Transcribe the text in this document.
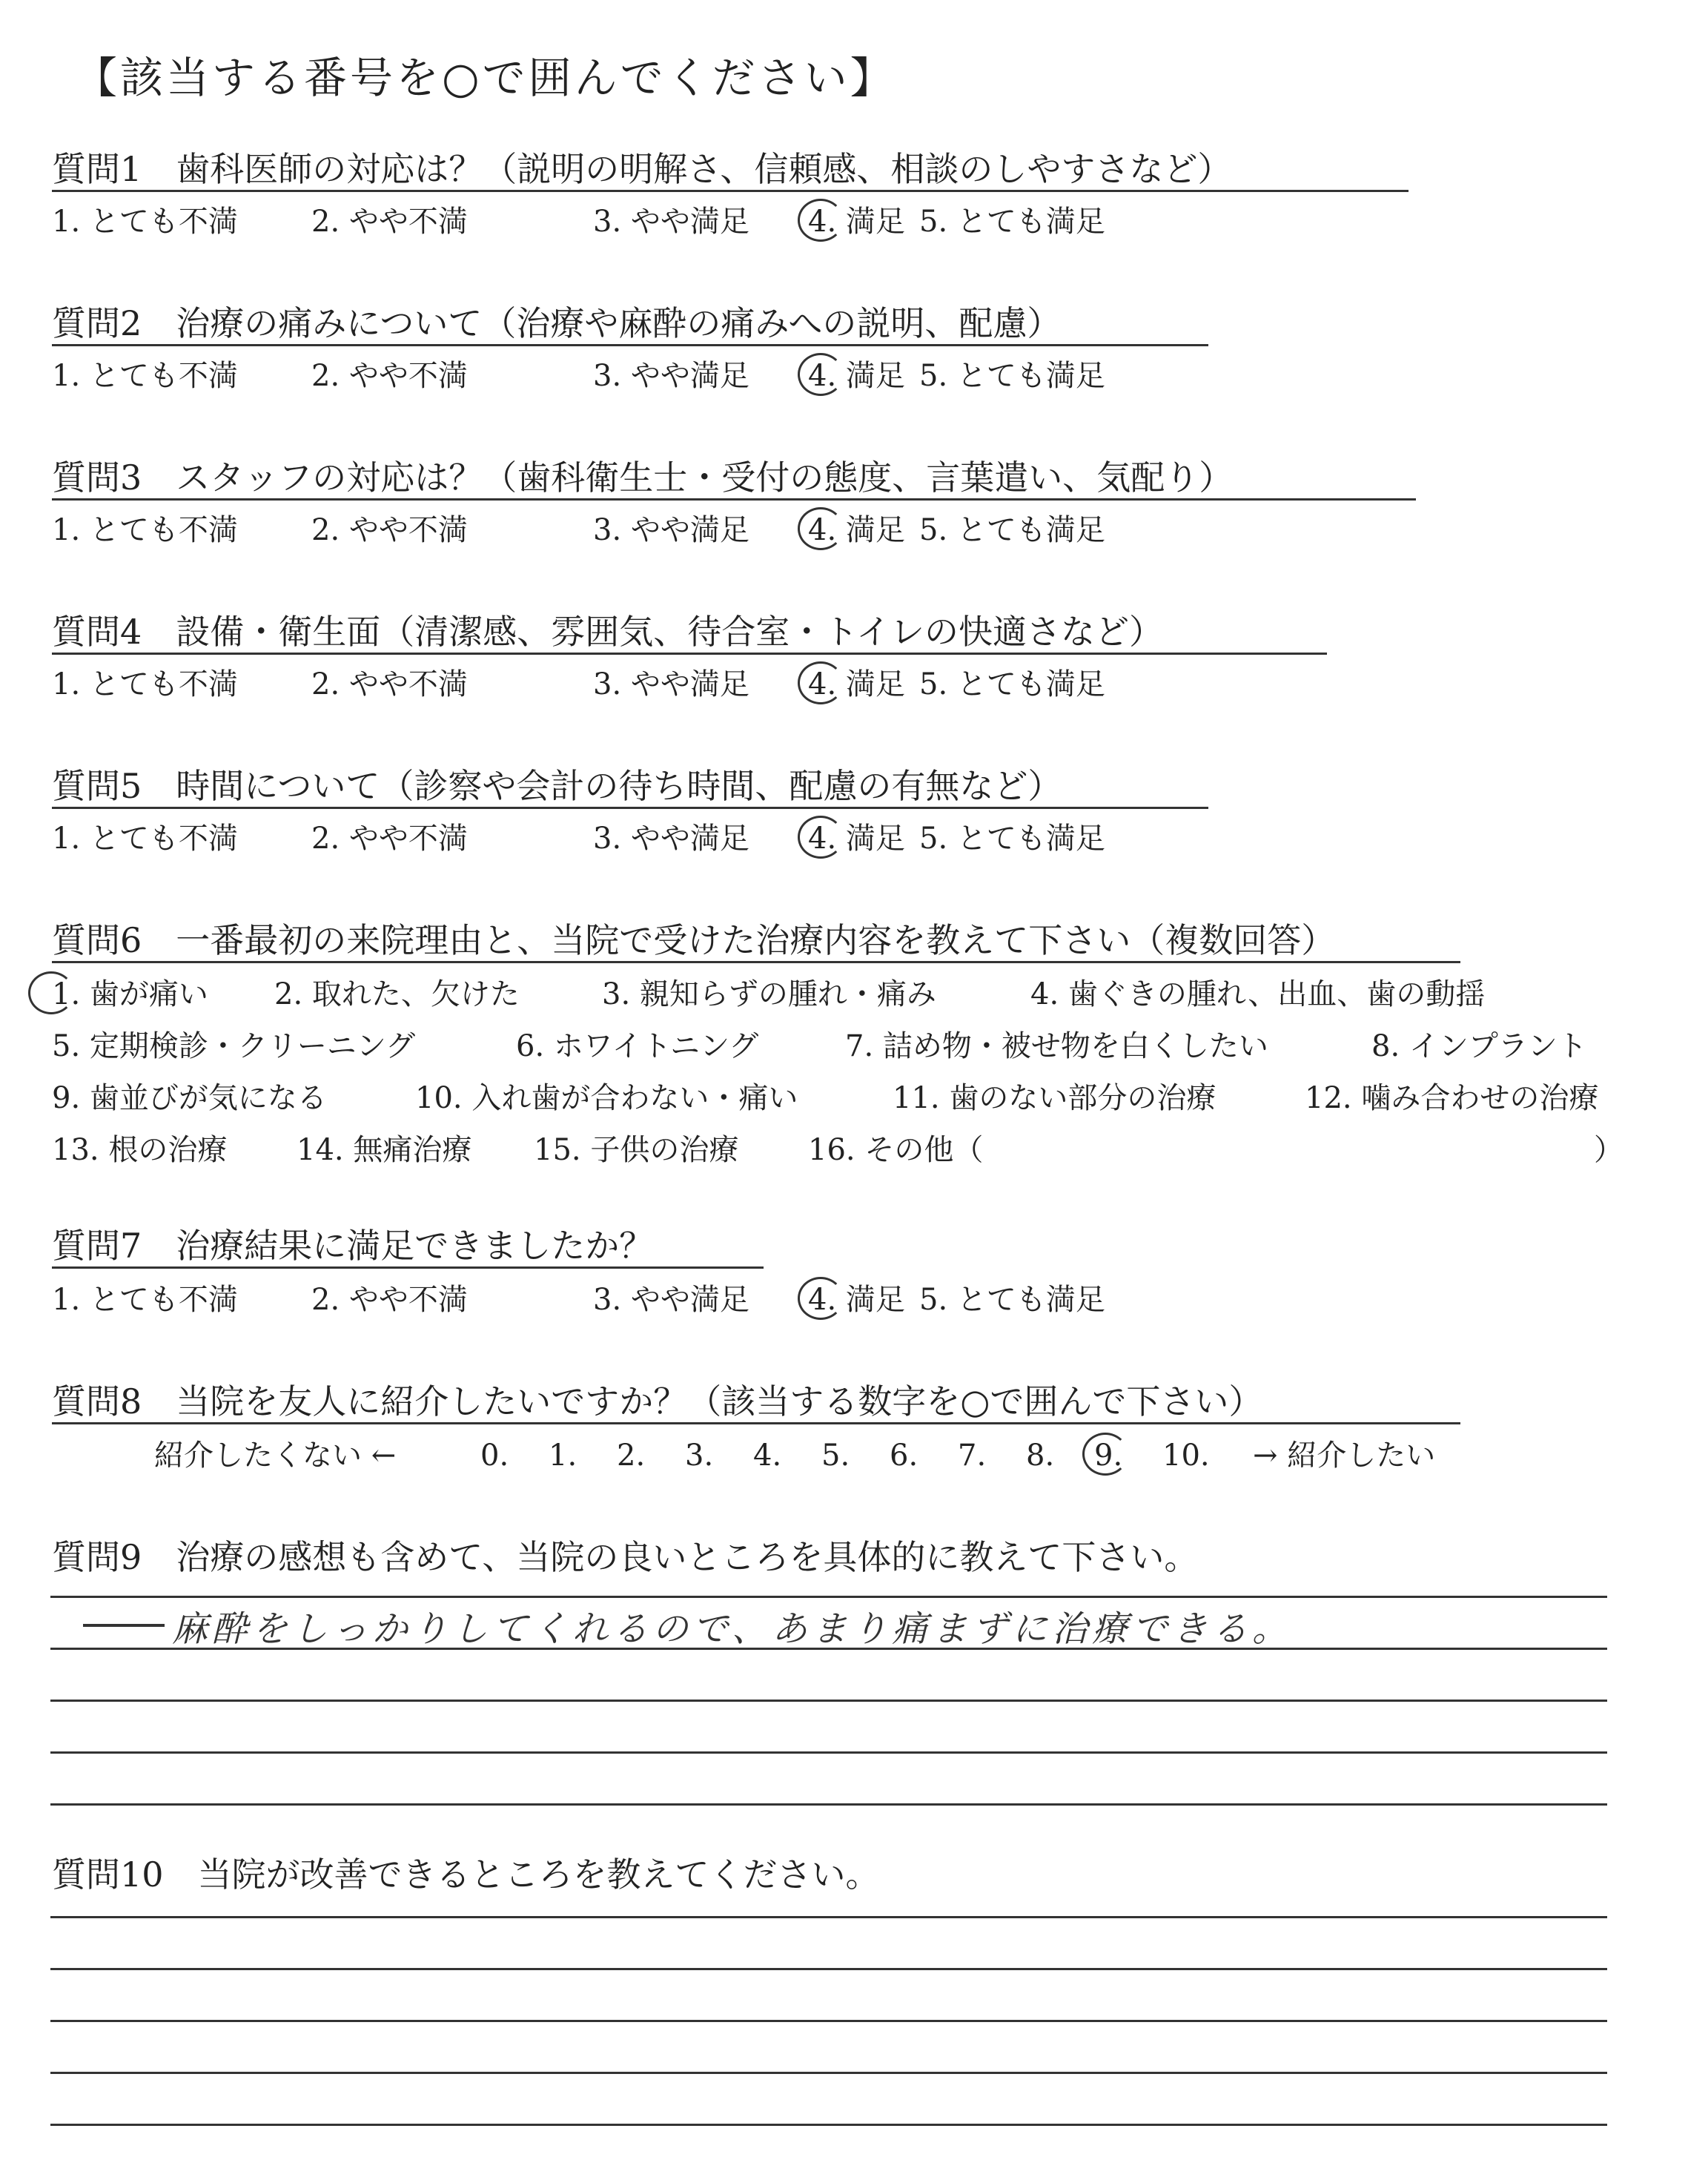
【該当する番号を○で囲んでください】
質問1　歯科医師の対応は？（説明の明解さ、信頼感、相談のしやすさなど）
1. とても不満 2. やや不満	3. やや満足 4. 満足 5. とても満足
質問2　治療の痛みについて（治療や麻酔の痛みへの説明、配慮）
1. とても不満 2. やや不満	3. やや満足 4. 満足 5. とても満足
質問3　スタッフの対応は？（歯科衛生士・受付の態度、言葉遣い、気配り）
1. とても不満 2. やや不満	3. やや満足 4. 満足 5. とても満足
質問4　設備・衛生面（清潔感、雰囲気、待合室・トイレの快適さなど）
1. とても不満 2. やや不満	3. やや満足 4. 満足 5. とても満足
質問5　時間について（診察や会計の待ち時間、配慮の有無など）
1. とても不満 2. やや不満	3. やや満足 4. 満足 5. とても満足
質問6　一番最初の来院理由と、当院で受けた治療内容を教えて下さい（複数回答）
1. 歯が痛い 2. 取れた、欠けた	3. 親知らずの腫れ・痛み	4. 歯ぐきの腫れ、出血、歯の動揺
5. 定期検診・クリーニング	6. ホワイトニング	7. 詰め物・被せ物を白くしたい	8. インプラント
9. 歯並びが気になる	10. 入れ歯が合わない・痛い	11. 歯のない部分の治療	12. 噛み合わせの治療
13. 根の治療 14. 無痛治療 15. 子供の治療 16. その他（	）
質問7　治療結果に満足できましたか？
1. とても不満 2. やや不満	3. やや満足 4. 満足 5. とても満足
質問8　当院を友人に紹介したいですか？（該当する数字を○で囲んで下さい）
紹介したくない ←	0. 1. 2. 3. 4. 5. 6. 7. 8. 9. 10. → 紹介したい
質問9　治療の感想も含めて、当院の良いところを具体的に教えて下さい。
麻酔をしっかりしてくれるので、あまり痛まずに治療できる。
質問10　当院が改善できるところを教えてください。
